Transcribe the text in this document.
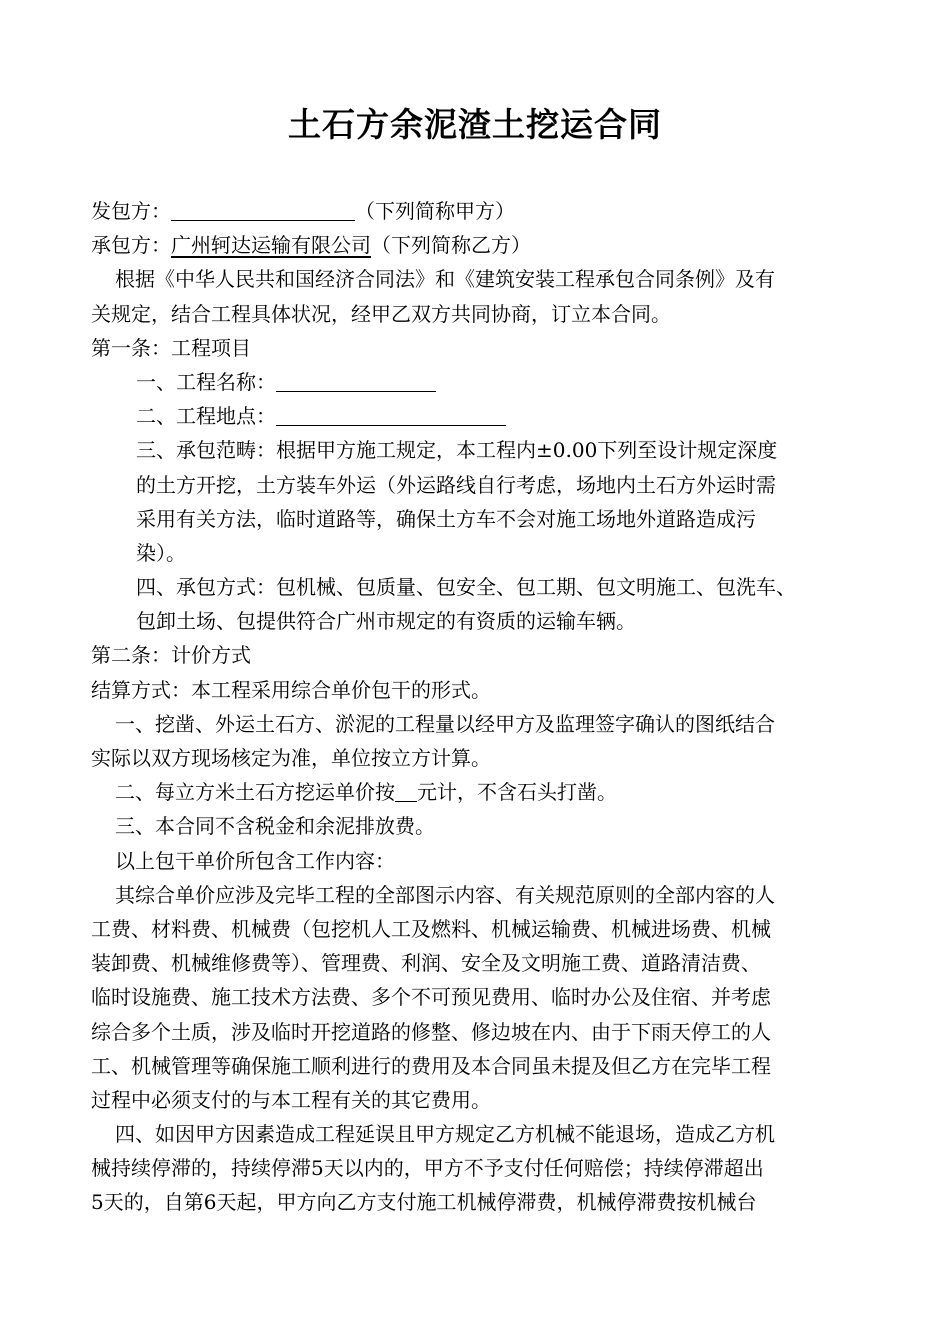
土石方余泥渣土挖运合同
发包方：	（下列简称甲方）
承包方：广州轲达运输有限公司（下列简称乙方）
根据《中华人民共和国经济合同法》和《建筑安装工程承包合同条例》及有
关规定，结合工程具体状况，经甲乙双方共同协商，订立本合同。
第一条：工程项目
一、工程名称：
二、工程地点：
三、承包范畴：根据甲方施工规定，本工程内±0.00下列至设计规定深度
的土方开挖，土方装车外运（外运路线自行考虑，场地内土石方外运时需
采用有关方法，临时道路等，确保土方车不会对施工场地外道路造成污
染）。
四、承包方式：包机械、包质量、包安全、包工期、包文明施工、包洗车、
包卸土场、包提供符合广州市规定的有资质的运输车辆。
第二条：计价方式
结算方式：本工程采用综合单价包干的形式。
一、挖凿、外运土石方、淤泥的工程量以经甲方及监理签字确认的图纸结合
实际以双方现场核定为准，单位按立方计算。
二、每立方米土石方挖运单价按 元计，不含石头打凿。
三、本合同不含税金和余泥排放费。
以上包干单价所包含工作内容：
其综合单价应涉及完毕工程的全部图示内容、有关规范原则的全部内容的人
工费、材料费、机械费（包挖机人工及燃料、机械运输费、机械进场费、机械
装卸费、机械维修费等）、管理费、利润、安全及文明施工费、道路清洁费、
临时设施费、施工技术方法费、多个不可预见费用、临时办公及住宿、并考虑
综合多个土质，涉及临时开挖道路的修整、修边坡在内、由于下雨天停工的人
工、机械管理等确保施工顺利进行的费用及本合同虽未提及但乙方在完毕工程
过程中必须支付的与本工程有关的其它费用。
四、如因甲方因素造成工程延误且甲方规定乙方机械不能退场，造成乙方机
械持续停滞的，持续停滞5天以内的，甲方不予支付任何赔偿；持续停滞超出
5天的，自第6天起，甲方向乙方支付施工机械停滞费，机械停滞费按机械台
